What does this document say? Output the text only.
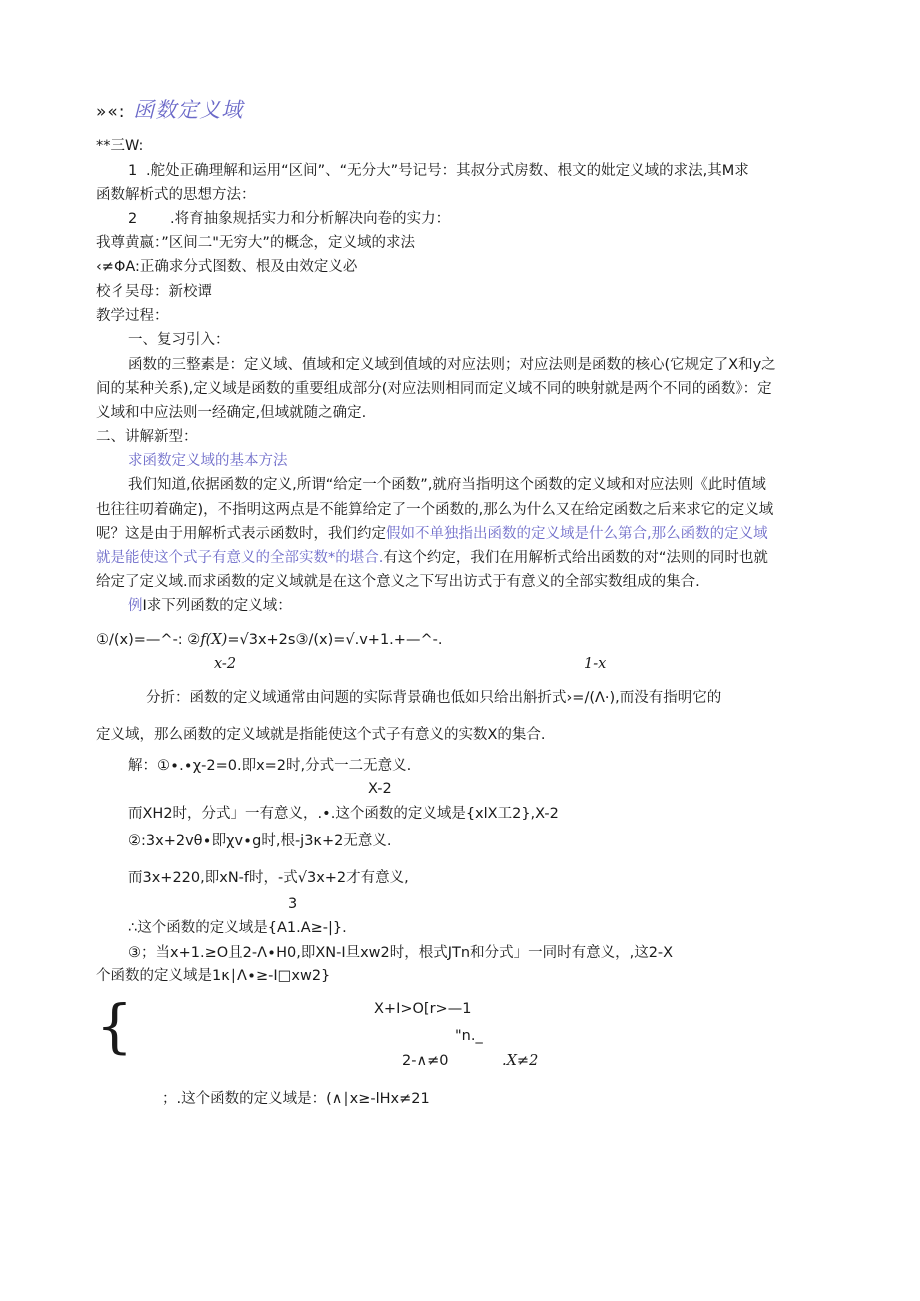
»«: 函数定义域
**三W:
1 .舵处正确理解和运用“区间”、“无分大”号记号：其叔分式房数、根文的妣定义域的求法,其M求
函数解析式的思想方法：
2 .将育抽象规括实力和分析解决向卷的实力：
我尊黄嬴：”区间二"无穷大”的概念，定义域的求法
‹≠ΦA:正确求分式图数、根及由效定义必
校彳吴母：新校谭
教学过程：
一、复习引入：
函数的三整素是：定义域、值域和定义域到值域的对应法则；对应法则是函数的核心(它规定了X和y之
间的某种关系),定义域是函数的重要组成部分(对应法则相同而定义域不同的映射就是两个不同的函数》：定
义域和中应法则一经确定,但域就随之确定.
二、讲解新型：
求函数定义域的基本方法
我们知道,依据函数的定义,所谓“给定一个函数”,就府当指明这个函数的定义域和对应法则《此时值域
也往往叨着确定)，不指明这两点是不能算给定了一个函数的,那么为什么又在给定函数之后来求它的定义域
呢？这是由于用解析式表示函数时，我们约定假如不单独指出函数的定义域是什么第合,那么函数的定义域
就是能使这个式子有意义的全部实数*的堪合.有这个约定，我们在用解析式给出函数的对“法则的同时也就
给定了定义域.而求函数的定义域就是在这个意义之下写出访式于有意义的全部实数组成的集合.
例I求下列函数的定义域：
①/(x)=—^-: ②f(X)=√3x+2s③/(x)=√.v+1.+—^-.
x-2	1-x
分折：函数的定义域通常由问题的实际背景确也低如只给出斛折式›=∕(Λ·),而没有指明它的
定义域，那么函数的定义域就是指能使这个式子有意义的实数X的集合.
解：①∙.∙χ-2=0.即x=2时,分式一二无意义.
X-2
而XH2时，分式」一有意义，.•.这个函数的定义域是{xlX工2},X-2
②:3x+2vθ∙即χv∙g时,根-j3κ+2无意义.
而3x+220,即xN-f时，-式√3x+2才有意义,
3
∴这个函数的定义域是{A1.A≥-|}.
③；当x+1.≥O且2-Λ∙H0,即XN-I旦xw2时，根式JTn和分式」一同时有意义，,这2-X
个函数的定义域是1κ∣Λ∙≥-I□xw2}
{	X+I>O[r>—1
"n._
2-∧≠0	.X≠2
；.这个函数的定义域是：(∧∣x≥-lHx≠21
